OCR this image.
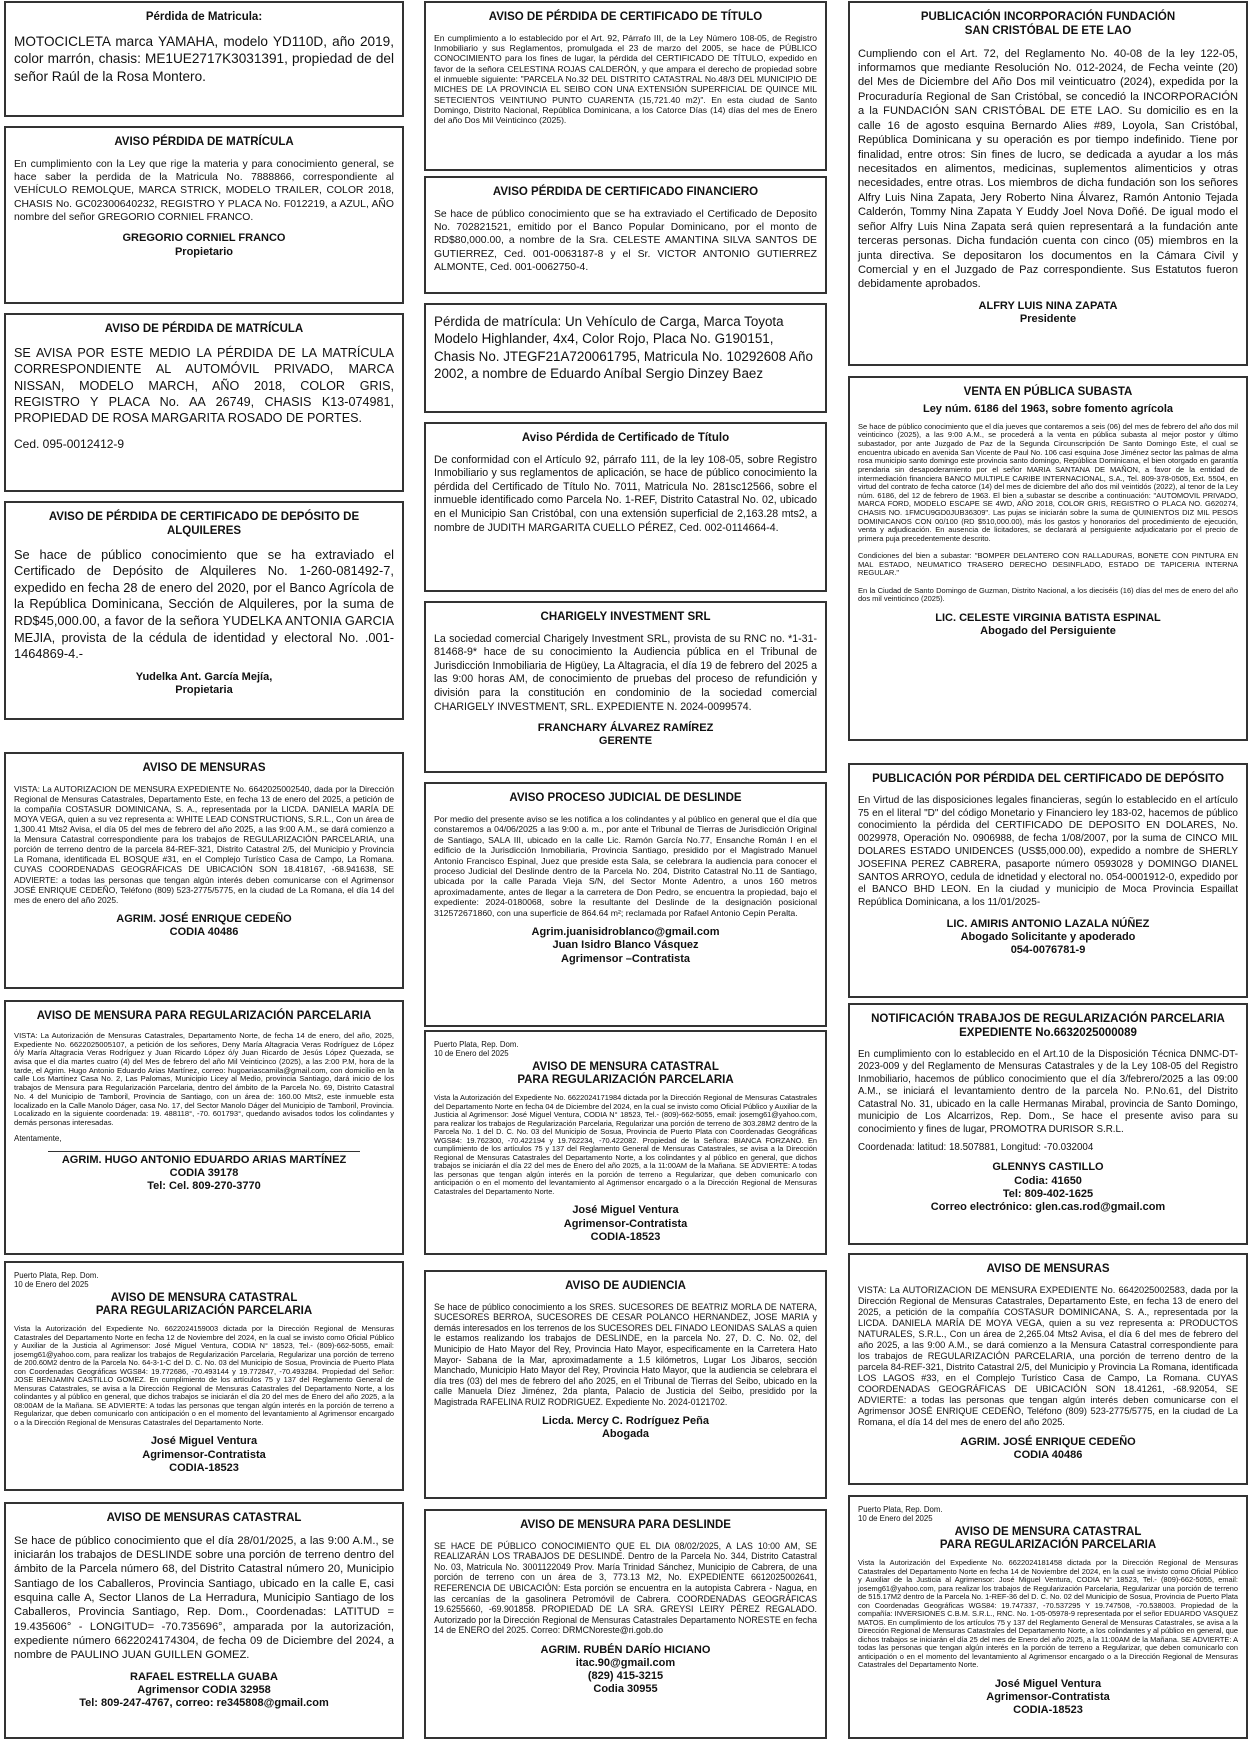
Pérdida de Matricula:
MOTOCICLETA marca YAMAHA, modelo YD110D, año 2019, color marrón, chasis: ME1UE2717K3031391, propiedad de del señor Raúl de la Rosa Montero.
AVISO PÉRDIDA DE MATRÍCULA
En cumplimiento con la Ley que rige la materia y para conocimiento general, se hace saber la perdida de la Matricula No. 7888866, correspondiente al VEHÍCULO REMOLQUE, MARCA STRICK, MODELO TRAILER, COLOR 2018, CHASIS No. GC02300640232, REGISTRO Y PLACA No. F012219, a AZUL, AÑO nombre del señor GREGORIO CORNIEL FRANCO.
GREGORIO CORNIEL FRANCO
Propietario
AVISO DE PÉRDIDA DE MATRÍCULA
SE AVISA POR ESTE MEDIO LA PÉRDIDA DE LA MATRÍCULA CORRESPONDIENTE AL AUTOMÓVIL PRIVADO, MARCA NISSAN, MODELO MARCH, AÑO 2018, COLOR GRIS, REGISTRO Y PLACA No. AA 26749, CHASIS K13-074981, PROPIEDAD DE ROSA MARGARITA ROSADO DE PORTES.
Ced. 095-0012412-9
AVISO DE PÉRDIDA DE CERTIFICADO DE DEPÓSITO DE ALQUILERES
Se hace de público conocimiento que se ha extraviado el Certificado de Depósito de Alquileres No. 1-260-081492-7, expedido en fecha 28 de enero del 2020, por el Banco Agrícola de la República Dominicana, Sección de Alquileres, por la suma de RD$45,000.00, a favor de la señora YUDELKA ANTONIA GARCIA MEJIA, provista de la cédula de identidad y electoral No. .001-1464869-4.-
Yudelka Ant. García Mejía,
Propietaria
AVISO DE MENSURAS
VISTA: La AUTORIZACION DE MENSURA EXPEDIENTE No. 6642025002540, dada por la Dirección Regional de Mensuras Catastrales, Departamento Este, en fecha 13 de enero del 2025, a petición de la compañía COSTASUR DOMINICANA, S. A., representada por la LICDA. DANIELA MARÍA DE MOYA VEGA, quien a su vez representa a: WHITE LEAD CONSTRUCTIONS, S.R.L., Con un área de 1,300.41 Mts2 Avisa, el día 05 del mes de febrero del año 2025, a las 9:00 A.M., se dará comienzo a la Mensura Catastral correspondiente para los trabajos de REGULARIZACIÓN PARCELARIA, una porción de terreno dentro de la parcela 84-REF-321, Distrito Catastral 2/5, del Municipio y Provincia La Romana, identificada EL BOSQUE #31, en el Complejo Turístico Casa de Campo, La Romana. CUYAS COORDENADAS GEOGRÁFICAS DE UBICACIÓN SON 18.418167, -68.941638, SE ADVIERTE: a todas las personas que tengan algún interés deben comunicarse con el Agrimensor JOSÉ ENRIQUE CEDEÑO, Teléfono (809) 523-2775/5775, en la ciudad de La Romana, el día 14 del mes de enero del año 2025.
AGRIM. JOSÉ ENRIQUE CEDEÑO
CODIA 40486
AVISO DE MENSURA PARA REGULARIZACIÓN PARCELARIA
VISTA: La Autorización de Mensuras Catastrales, Departamento Norte, de fecha 14 de enero, del año, 2025, Expediente No. 6622025005107, a petición de los señores, Deny María Altagracia Veras Rodríguez de López ó/y María Altagracia Veras Rodríguez y Juan Ricardo López ó/y Juan Ricardo de Jesús López Quezada, se avisa que el día martes cuatro (4) del Mes de febrero del año Mil Veinticinco (2025), a las 2:00 P.M, hora de la tarde, el Agrim. Hugo Antonio Eduardo Arias Martínez, correo: hugoariascamila@gmail.com, con domicilio en la calle Los Martínez Casa No. 2, Las Palomas, Municipio Licey al Medio, provincia Santiago, dará inicio de los trabajos de Mensura para Regularización Parcelaria, dentro del ámbito de la Parcela No. 69, Distrito Catastral No. 4 del Municipio de Tamboril, Provincia de Santiago, con un área de: 160.00 Mts2, este inmueble esta localizado en la Calle Manolo Dáger, casa No. 17, del Sector Manolo Dáger del Municipio de Tamboril, Provincia. Localizado en la siguiente coordenada: 19. 488118°, -70. 601793°, quedando avisados todos los colindantes y demás personas interesadas.
Atentamente,
AGRIM. HUGO ANTONIO EDUARDO ARIAS MARTÍNEZ
CODIA 39178
Tel: Cel. 809-270-3770
Puerto Plata, Rep. Dom.
10 de Enero del 2025
AVISO DE MENSURA CATASTRAL
PARA REGULARIZACIÓN PARCELARIA
Vista la Autorización del Expediente No. 6622024159003 dictada por la Dirección Regional de Mensuras Catastrales del Departamento Norte en fecha 12 de Noviembre del 2024, en la cual se invisto como Oficial Público y Auxiliar de la Justicia al Agrimensor: José Miguel Ventura, CODIA N° 18523, Tel.- (809)-662-5055, email: josemg61@yahoo.com, para realizar los trabajos de Regularización Parcelaria, Regularizar una porción de terreno de 200.60M2 dentro de la Parcela No. 64-3-1-C del D. C. No. 03 del Municipio de Sosua, Provincia de Puerto Plata con Coordenadas Geográficas WGS84: 19.772686, -70.493144 y 19.772847, -70.493284. Propiedad del Señor: JOSE BENJAMIN CASTILLO GOMEZ. En cumplimiento de los artículos 75 y 137 del Reglamento General de Mensuras Catastrales, se avisa a la Dirección Regional de Mensuras Catastrales del Departamento Norte, a los colindantes y al público en general, que dichos trabajos se iniciarán el día 20 del mes de Enero del año 2025, a la 08:00AM de la Mañana. SE ADVIERTE: A todas las personas que tengan algún interés en la porción de terreno a Regularizar, que deben comunicarlo con anticipación o en el momento del levantamiento al Agrimensor encargado o a la Dirección Regional de Mensuras Catastrales del Departamento Norte.
José Miguel Ventura
Agrimensor-Contratista
CODIA-18523
AVISO DE MENSURAS CATASTRAL
Se hace de público conocimiento que el día 28/01/2025, a las 9:00 A.M., se iniciarán los trabajos de DESLINDE sobre una porción de terreno dentro del ámbito de la Parcela número 68, del Distrito Catastral número 20, Municipio Santiago de los Caballeros, Provincia Santiago, ubicado en la calle E, casi esquina calle A, Sector Llanos de La Herradura, Municipio Santiago de los Caballeros, Provincia Santiago, Rep. Dom., Coordenadas: LATITUD = 19.435606° - LONGITUD= -70.735696°, amparada por la autorización, expediente número 6622024174304, de fecha 09 de Diciembre del 2024, a nombre de PAULINO JUAN GUILLEN GOMEZ.
RAFAEL ESTRELLA GUABA
Agrimensor CODIA 32958
Tel: 809-247-4767, correo: re345808@gmail.com
AVISO DE PÉRDIDA DE CERTIFICADO DE TÍTULO
En cumplimiento a lo establecido por el Art. 92, Párrafo III, de la Ley Número 108-05, de Registro Inmobiliario y sus Reglamentos, promulgada el 23 de marzo del 2005, se hace de PÚBLICO CONOCIMIENTO para los fines de lugar, la pérdida del CERTIFICADO DE TÍTULO, expedido en favor de la señora CELESTINA ROJAS CALDERÓN, y que ampara el derecho de propiedad sobre el inmueble siguiente: "PARCELA No.32 DEL DISTRITO CATASTRAL No.48/3 DEL MUNICIPIO DE MICHES DE LA PROVINCIA EL SEIBO CON UNA EXTENSIÓN SUPERFICIAL DE QUINCE MIL SETECIENTOS VEINTIUNO PUNTO CUARENTA (15,721.40 m2)". En esta ciudad de Santo Domingo, Distrito Nacional, República Dominicana, a los Catorce Días (14) días del mes de Enero del año Dos Mil Veinticinco (2025).
AVISO PÉRDIDA DE CERTIFICADO FINANCIERO
Se hace de público conocimiento que se ha extraviado el Certificado de Deposito No. 702821521, emitido por el Banco Popular Dominicano, por el monto de RD$80,000.00, a nombre de la Sra. CELESTE AMANTINA SILVA SANTOS DE GUTIERREZ, Ced. 001-0063187-8 y el Sr. VICTOR ANTONIO GUTIERREZ ALMONTE, Ced. 001-0062750-4.
Pérdida de matrícula: Un Vehículo de Carga, Marca Toyota Modelo Highlander, 4x4, Color Rojo, Placa No. G190151, Chasis No. JTEGF21A720061795, Matricula No. 10292608 Año 2002, a nombre de Eduardo Aníbal Sergio Dinzey Baez
Aviso Pérdida de Certificado de Título
De conformidad con el Artículo 92, párrafo 111, de la ley 108-05, sobre Registro Inmobiliario y sus reglamentos de aplicación, se hace de público conocimiento la pérdida del Certificado de Título No. 7011, Matricula No. 281sc12566, sobre el inmueble identificado como Parcela No. 1-REF, Distrito Catastral No. 02, ubicado en el Municipio San Cristóbal, con una extensión superficial de 2,163.28 mts2, a nombre de JUDITH MARGARITA CUELLO PÉREZ, Ced. 002-0114664-4.
CHARIGELY INVESTMENT SRL
La sociedad comercial Charigely Investment SRL, provista de su RNC no. *1-31-81468-9* hace de su conocimiento la Audiencia pública en el Tribunal de Jurisdicción Inmobiliaria de Higüey, La Altagracia, el día 19 de febrero del 2025 a las 9:00 horas AM, de conocimiento de pruebas del proceso de refundición y división para la constitución en condominio de la sociedad comercial CHARIGELY INVESTMENT, SRL. EXPEDIENTE N. 2024-0099574.
FRANCHARY ÁLVAREZ RAMÍREZ
GERENTE
AVISO PROCESO JUDICIAL DE DESLINDE
Por medio del presente aviso se les notifica a los colindantes y al público en general que el día que constaremos a 04/06/2025 a las 9:00 a. m., por ante el Tribunal de Tierras de Jurisdicción Original de Santiago, SALA III, ubicado en la calle Lic. Ramón García No.77, Ensanche Román I en el edificio de la Jurisdicción Inmobiliaria, Provincia Santiago, presidido por el Magistrado Manuel Antonio Francisco Espinal, Juez que preside esta Sala, se celebrara la audiencia para conocer el proceso Judicial del Deslinde dentro de la Parcela No. 204, Distrito Catastral No.11 de Santiago, ubicada por la calle Parada Vieja S/N, del Sector Monte Adentro, a unos 160 metros aproximadamente, antes de llegar a la carretera de Don Pedro, se encuentra la propiedad, bajo el expediente: 2024-0180068, sobre la resultante del Deslinde de la designación posicional 312572671860, con una superficie de 864.64 m²; reclamada por Rafael Antonio Cepin Peralta.
Agrim.juanisidroblanco@gmail.com
Juan Isidro Blanco Vásquez
Agrimensor –Contratista
Puerto Plata, Rep. Dom.
10 de Enero del 2025
AVISO DE MENSURA CATASTRAL
PARA REGULARIZACIÓN PARCELARIA
Vista la Autorización del Expediente No. 6622024171984 dictada por la Dirección Regional de Mensuras Catastrales del Departamento Norte en fecha 04 de Diciembre del 2024, en la cual se invisto como Oficial Público y Auxiliar de la Justicia al Agrimensor: José Miguel Ventura, CODIA N° 18523, Tel.- (809)-662-5055, email: josemg61@yahoo.com, para realizar los trabajos de Regularización Parcelaria, Regularizar una porción de terreno de 303.28M2 dentro de la Parcela No. 1 del D. C. No. 03 del Municipio de Sosua, Provincia de Puerto Plata con Coordenadas Geográficas WGS84: 19.762300, -70.422194 y 19.762234, -70.422082. Propiedad de la Señora: BIANCA FORZANO. En cumplimiento de los artículos 75 y 137 del Reglamento General de Mensuras Catastrales, se avisa a la Dirección Regional de Mensuras Catastrales del Departamento Norte, a los colindantes y al público en general, que dichos trabajos se iniciarán el día 22 del mes de Enero del año 2025, a la 11:00AM de la Mañana. SE ADVIERTE: A todas las personas que tengan algún interés en la porción de terreno a Regularizar, que deben comunicarlo con anticipación o en el momento del levantamiento al Agrimensor encargado o a la Dirección Regional de Mensuras Catastrales del Departamento Norte.
José Miguel Ventura
Agrimensor-Contratista
CODIA-18523
AVISO DE AUDIENCIA
Se hace de público conocimiento a los SRES. SUCESORES DE BEATRIZ MORLA DE NATERA, SUCESORES BERROA, SUCESORES DE CESAR POLANCO HERNANDEZ, JOSE MARIA y demás interesados en los terrenos de los SUCESORES DEL FINADO LEONIDAS SALAS a quien le estamos realizando los trabajos de DESLINDE, en la parcela No. 27, D. C. No. 02, del Municipio de Hato Mayor del Rey, Provincia Hato Mayor, especificamente en la Carretera Hato Mayor- Sabana de la Mar, aproximadamente a 1.5 kilómetros, Lugar Los Jibaros, sección Manchado, Municipio Hato Mayor del Rey, Provincia Hato Mayor, que la audiencia se celebrara el día tres (03) del mes de febrero del año 2025, en el Tribunal de Tierras del Seibo, ubicado en la calle Manuela Díez Jiménez, 2da planta, Palacio de Justicia del Seibo, presidido por la Magistrada RAFELINA RUIZ RODRIGUEZ. Expediente No. 2024-0121702.
Licda. Mercy C. Rodríguez Peña
Abogada
AVISO DE MENSURA PARA DESLINDE
SE HACE DE PÚBLICO CONOCIMIENTO QUE EL DIA 08/02/2025, A LAS 10:00 AM, SE REALIZARÁN LOS TRABAJOS DE DESLINDE. Dentro de la Parcela No. 344, Distrito Catastral No. 03, Matricula No. 3001122049 Prov. María Trinidad Sánchez, Municipio de Cabrera, de una porción de terreno con un área de 3, 773.13 M2, No. EXPEDIENTE 6612025002641, REFERENCIA DE UBICACIÓN: Esta porción se encuentra en la autopista Cabrera - Nagua, en las cercanías de la gasolinera Petromóvil de Cabrera. COORDENADAS GEOGRÁFICAS 19.6255660, -69.901858. PROPIEDAD DE LA SRA. GREYSI LEIRY PÉREZ REGALADO. Autorizado por la Dirección Regional de Mensuras Catastrales Departamento NORESTE en fecha 14 de ENERO del 2025. Correo: DRMCNoreste@ri.gob.do
AGRIM. RUBÉN DARÍO HICIANO
itac.90@gmail.com
(829) 415-3215
Codia 30955
PUBLICACIÓN INCORPORACIÓN FUNDACIÓN
SAN CRISTÓBAL DE ETE LAO
Cumpliendo con el Art. 72, del Reglamento No. 40-08 de la ley 122-05, informamos que mediante Resolución No. 012-2024, de Fecha veinte (20) del Mes de Diciembre del Año Dos mil veinticuatro (2024), expedida por la Procuraduría Regional de San Cristóbal, se concedió la INCORPORACIÓN a la FUNDACIÓN SAN CRISTÓBAL DE ETE LAO. Su domicilio es en la calle 16 de agosto esquina Bernardo Alies #89, Loyola, San Cristóbal, República Dominicana y su operación es por tiempo indefinido. Tiene por finalidad, entre otros: Sin fines de lucro, se dedicada a ayudar a los más necesitados en alimentos, medicinas, suplementos alimenticios y otras necesidades, entre otras. Los miembros de dicha fundación son los señores Alfry Luis Nina Zapata, Jery Roberto Nina Álvarez, Ramón Antonio Tejada Calderón, Tommy Nina Zapata Y Euddy Joel Nova Doñé. De igual modo el señor Alfry Luis Nina Zapata será quien representará a la fundación ante terceras personas. Dicha fundación cuenta con cinco (05) miembros en la junta directiva. Se depositaron los documentos en la Cámara Civil y Comercial y en el Juzgado de Paz correspondiente. Sus Estatutos fueron debidamente aprobados.
ALFRY LUIS NINA ZAPATA
Presidente
VENTA EN PÚBLICA SUBASTA
Ley núm. 6186 del 1963, sobre fomento agrícola
Se hace de público conocimiento que el día jueves que contaremos a seis (06) del mes de febrero del año dos mil veinticinco (2025), a las 9:00 A.M., se procederá a la venta en pública subasta al mejor postor y último subastador, por ante Juzgado de Paz de la Segunda Circunscripción De Santo Domingo Este, el cual se encuentra ubicado en avenida San Vicente de Paul No. 106 casi esquina Jose Jiménez sector las palmas de alma rosa municipio santo domingo este provincia santo domingo, República Dominicana, el bien otorgado en garantía prendaria sin desapoderamiento por el señor MARIA SANTANA DE MAÑON, a favor de la entidad de intermediación financiera BANCO MULTIPLE CARIBE INTERNACIONAL, S.A., Tel. 809-378-0505, Ext. 5504, en virtud del contrato de fecha catorce (14) del mes de diciembre del año dos mil veintidós (2022), al tenor de la Ley núm. 6186, del 12 de febrero de 1963. El bien a subastar se describe a continuación: "AUTOMOVIL PRIVADO, MARCA FORD, MODELO ESCAPE SE 4WD, AÑO 2018, COLOR GRIS, REGISTRO O PLACA NO. G620274, CHASIS NO. 1FMCU9GD0JUB36309". Las pujas se iniciarán sobre la suma de QUINIENTOS DIZ MIL PESOS DOMINICANOS CON 00/100 (RD $510,000.00), más los gastos y honorarios del procedimiento de ejecución, venta y adjudicación. En ausencia de licitadores, se declarará al persiguiente adjudicatario por el precio de primera puja precedentemente descrito.

Condiciones del bien a subastar: "BOMPER DELANTERO CON RALLADURAS, BONETE CON PINTURA EN MAL ESTADO, NEUMATICO TRASERO DERECHO DESINFLADO, ESTADO DE TAPICERIA INTERNA REGULAR."

En la Ciudad de Santo Domingo de Guzman, Distrito Nacional, a los dieciséis (16) días del mes de enero del año dos mil veinticinco (2025).
LIC. CELESTE VIRGINIA BATISTA ESPINAL
Abogado del Persiguiente
PUBLICACIÓN POR PÉRDIDA DEL CERTIFICADO DE DEPÓSITO
En Virtud de las disposiciones legales financieras, según lo establecido en el artículo 75 en el literal "D" del código Monetario y Financiero ley 183-02, hacemos de público conocimiento la pérdida del CERTIFICADO DE DEPOSITO EN DOLARES, No. 0029978, Operación No. 0906988, de fecha 1/08/2007, por la suma de CINCO MIL DOLARES ESTADO UNIDENCES (US$5,000.00), expedido a nombre de SHERLY JOSEFINA PEREZ CABRERA, pasaporte número 0593028 y DOMINGO DIANEL SANTOS ARROYO, cedula de idnetidad y electoral no. 054-0001912-0, expedido por el BANCO BHD LEON. En la ciudad y municipio de Moca Provincia Espaillat República Dominicana, a los 11/01/2025-
LIC. AMIRIS ANTONIO LAZALA NÚÑEZ
Abogado Solicitante y apoderado
054-0076781-9
NOTIFICACIÓN TRABAJOS DE REGULARIZACIÓN PARCELARIA
EXPEDIENTE No.6632025000089
En cumplimiento con lo establecido en el Art.10 de la Disposición Técnica DNMC-DT-2023-009 y del Reglamento de Mensuras Catastrales y de la Ley 108-05 del Registro Inmobiliario, hacemos de público conocimiento que el día 3/febrero/2025 a las 09:00 A.M., se iniciará el levantamiento dentro de la parcela No. P.No.61, del Distrito Catastral No. 31, ubicado en la calle Hermanas Mirabal, provincia de Santo Domingo, municipio de Los Alcarrizos, Rep. Dom., Se hace el presente aviso para su conocimiento y fines de lugar, PROMOTRA DURISOR S.R.L.
Coordenada: latitud: 18.507881, Longitud: -70.032004
GLENNYS CASTILLO
Codia: 41650
Tel: 809-402-1625
Correo electrónico: glen.cas.rod@gmail.com
AVISO DE MENSURAS
VISTA: La AUTORIZACION DE MENSURA EXPEDIENTE No. 6642025002583, dada por la Dirección Regional de Mensuras Catastrales, Departamento Este, en fecha 13 de enero del 2025, a petición de la compañía COSTASUR DOMINICANA, S. A., representada por la LICDA. DANIELA MARÍA DE MOYA VEGA, quien a su vez representa a: PRODUCTOS NATURALES, S.R.L., Con un área de 2,265.04 Mts2 Avisa, el día 6 del mes de febrero del año 2025, a las 9:00 A.M., se dará comienzo a la Mensura Catastral correspondiente para los trabajos de REGULARIZACIÓN PARCELARIA, una porción de terreno dentro de la parcela 84-REF-321, Distrito Catastral 2/5, del Municipio y Provincia La Romana, identificada LOS LAGOS #33, en el Complejo Turístico Casa de Campo, La Romana. CUYAS COORDENADAS GEOGRÁFICAS DE UBICACIÓN SON 18.41261, -68.92054, SE ADVIERTE: a todas las personas que tengan algún interés deben comunicarse con el Agrimensor JOSÉ ENRIQUE CEDEÑO, Teléfono (809) 523-2775/5775, en la ciudad de La Romana, el día 14 del mes de enero del año 2025.
AGRIM. JOSÉ ENRIQUE CEDEÑO
CODIA 40486
Puerto Plata, Rep. Dom.
10 de Enero del 2025
AVISO DE MENSURA CATASTRAL
PARA REGULARIZACIÓN PARCELARIA
Vista la Autorización del Expediente No. 6622024181458 dictada por la Dirección Regional de Mensuras Catastrales del Departamento Norte en fecha 14 de Noviembre del 2024, en la cual se invisto como Oficial Público y Auxiliar de la Justicia al Agrimensor: José Miguel Ventura, CODIA N° 18523, Tel.- (809)-662-5055, email: josemg61@yahoo.com, para realizar los trabajos de Regularización Parcelaria, Regularizar una porción de terreno de 515.17M2 dentro de la Parcela No. 1-REF-36 del D. C. No. 02 del Municipio de Sosua, Provincia de Puerto Plata con Coordenadas Geográficas WGS84: 19.747337, -70.537295 Y 19.747508, -70.538003. Propiedad de la compañía: INVERSIONES C.B.M. S.R.L., RNC. No. 1-05-05978-9 representada por el señor EDUARDO VASQUEZ MATOS. En cumplimiento de los artículos 75 y 137 del Reglamento General de Mensuras Catastrales, se avisa a la Dirección Regional de Mensuras Catastrales del Departamento Norte, a los colindantes y al público en general, que dichos trabajos se iniciarán el día 25 del mes de Enero del año 2025, a la 11:00AM de la Mañana. SE ADVIERTE: A todas las personas que tengan algún interés en la porción de terreno a Regularizar, que deben comunicarlo con anticipación o en el momento del levantamiento al Agrimensor encargado o a la Dirección Regional de Mensuras Catastrales del Departamento Norte.
José Miguel Ventura
Agrimensor-Contratista
CODIA-18523
